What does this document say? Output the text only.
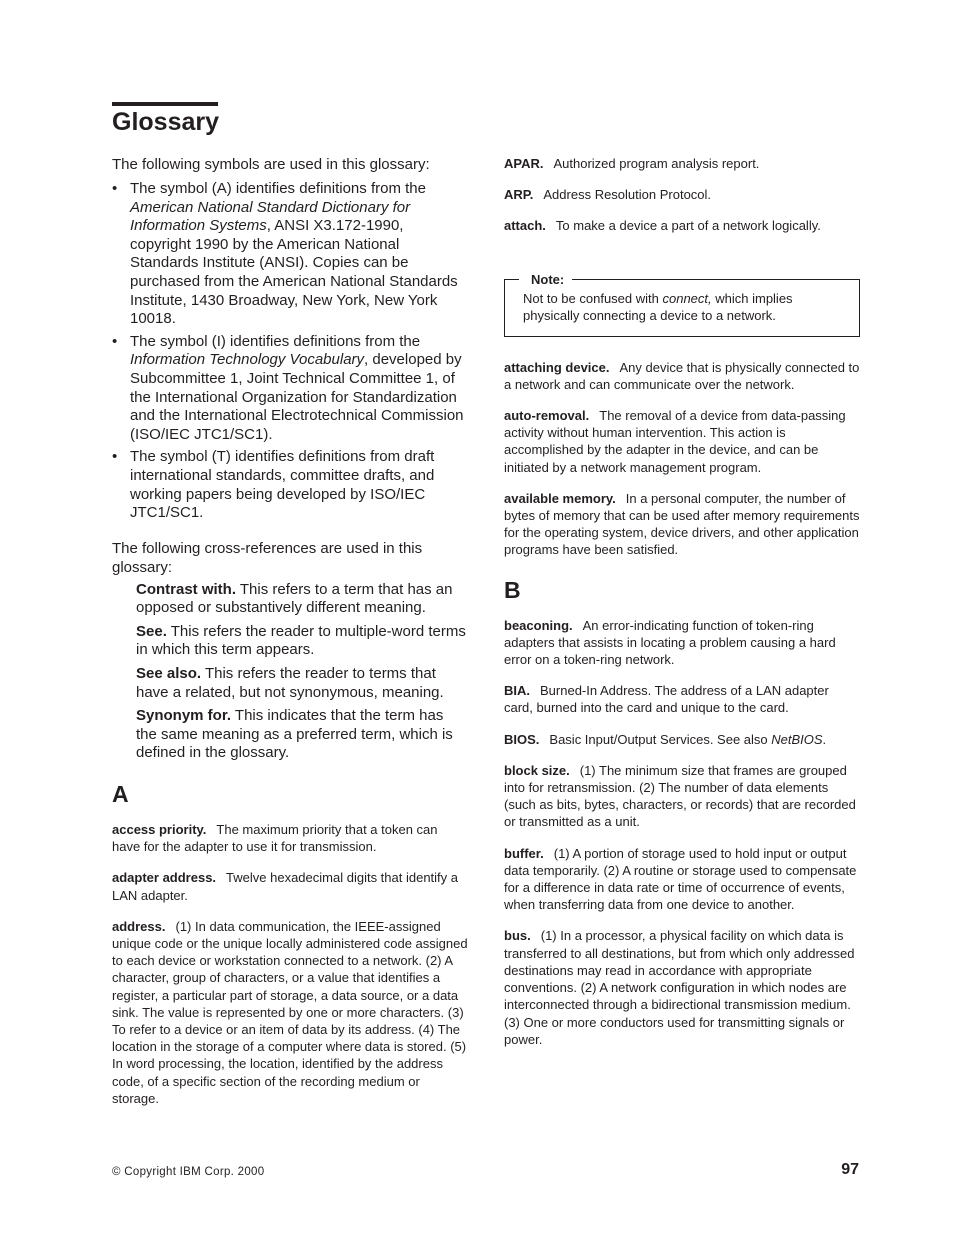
Glossary

The following symbols are used in this glossary:

• The symbol (A) identifies definitions from the American National Standard Dictionary for Information Systems, ANSI X3.172-1990, copyright 1990 by the American National Standards Institute (ANSI). Copies can be purchased from the American National Standards Institute, 1430 Broadway, New York, New York 10018.
• The symbol (I) identifies definitions from the Information Technology Vocabulary, developed by Subcommittee 1, Joint Technical Committee 1, of the International Organization for Standardization and the International Electrotechnical Commission (ISO/IEC JTC1/SC1).
• The symbol (T) identifies definitions from draft international standards, committee drafts, and working papers being developed by ISO/IEC JTC1/SC1.

The following cross-references are used in this glossary:

Contrast with. This refers to a term that has an opposed or substantively different meaning.
See. This refers the reader to multiple-word terms in which this term appears.
See also. This refers the reader to terms that have a related, but not synonymous, meaning.
Synonym for. This indicates that the term has the same meaning as a preferred term, which is defined in the glossary.
A
access priority. The maximum priority that a token can have for the adapter to use it for transmission.
adapter address. Twelve hexadecimal digits that identify a LAN adapter.
address. (1) In data communication, the IEEE-assigned unique code or the unique locally administered code assigned to each device or workstation connected to a network. (2) A character, group of characters, or a value that identifies a register, a particular part of storage, a data source, or a data sink. The value is represented by one or more characters. (3) To refer to a device or an item of data by its address. (4) The location in the storage of a computer where data is stored. (5) In word processing, the location, identified by the address code, of a specific section of the recording medium or storage.
APAR. Authorized program analysis report.
ARP. Address Resolution Protocol.
attach. To make a device a part of a network logically.
Note:
Not to be confused with connect, which implies physically connecting a device to a network.
attaching device. Any device that is physically connected to a network and can communicate over the network.
auto-removal. The removal of a device from data-passing activity without human intervention. This action is accomplished by the adapter in the device, and can be initiated by a network management program.
available memory. In a personal computer, the number of bytes of memory that can be used after memory requirements for the operating system, device drivers, and other application programs have been satisfied.
B
beaconing. An error-indicating function of token-ring adapters that assists in locating a problem causing a hard error on a token-ring network.
BIA. Burned-In Address. The address of a LAN adapter card, burned into the card and unique to the card.
BIOS. Basic Input/Output Services. See also NetBIOS.
block size. (1) The minimum size that frames are grouped into for retransmission. (2) The number of data elements (such as bits, bytes, characters, or records) that are recorded or transmitted as a unit.
buffer. (1) A portion of storage used to hold input or output data temporarily. (2) A routine or storage used to compensate for a difference in data rate or time of occurrence of events, when transferring data from one device to another.
bus. (1) In a processor, a physical facility on which data is transferred to all destinations, but from which only addressed destinations may read in accordance with appropriate conventions. (2) A network configuration in which nodes are interconnected through a bidirectional transmission medium. (3) One or more conductors used for transmitting signals or power.
© Copyright IBM Corp. 2000	97
